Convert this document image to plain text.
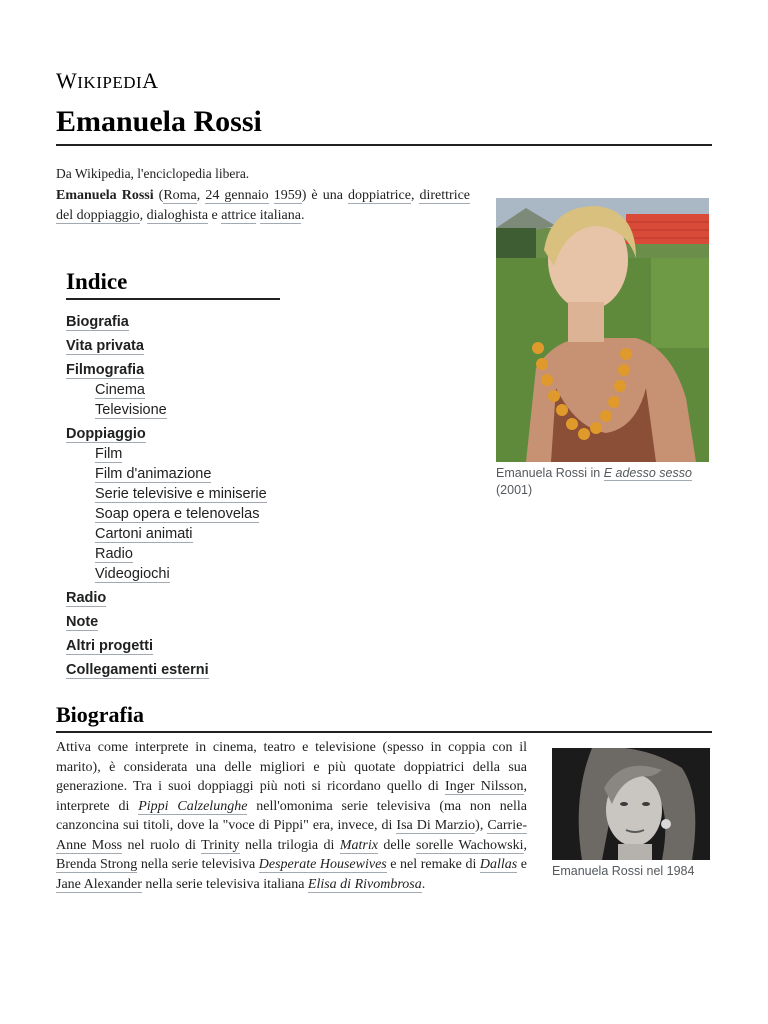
WIKIPEDIA
Emanuela Rossi
Da Wikipedia, l'enciclopedia libera.
Emanuela Rossi (Roma, 24 gennaio 1959) è una doppiatrice, direttrice del doppiaggio, dialoghista e attrice italiana.
Emanuela Rossi in E adesso sesso (2001)
Indice
Biografia
Vita privata
Filmografia
Cinema
Televisione
Doppiaggio
Film
Film d'animazione
Serie televisive e miniserie
Soap opera e telenovelas
Cartoni animati
Radio
Videogiochi
Radio
Note
Altri progetti
Collegamenti esterni
Biografia
Attiva come interprete in cinema, teatro e televisione (spesso in coppia con il marito), è considerata una delle migliori e più quotate doppiatrici della sua generazione. Tra i suoi doppiaggi più noti si ricordano quello di Inger Nilsson, interprete di Pippi Calzelunghe nell'omonima serie televisiva (ma non nella canzoncina sui titoli, dove la "voce di Pippi" era, invece, di Isa Di Marzio), Carrie-Anne Moss nel ruolo di Trinity nella trilogia di Matrix delle sorelle Wachowski, Brenda Strong nella serie televisiva Desperate Housewives e nel remake di Dallas e Jane Alexander nella serie televisiva italiana Elisa di Rivombrosa.
Emanuela Rossi nel 1984
